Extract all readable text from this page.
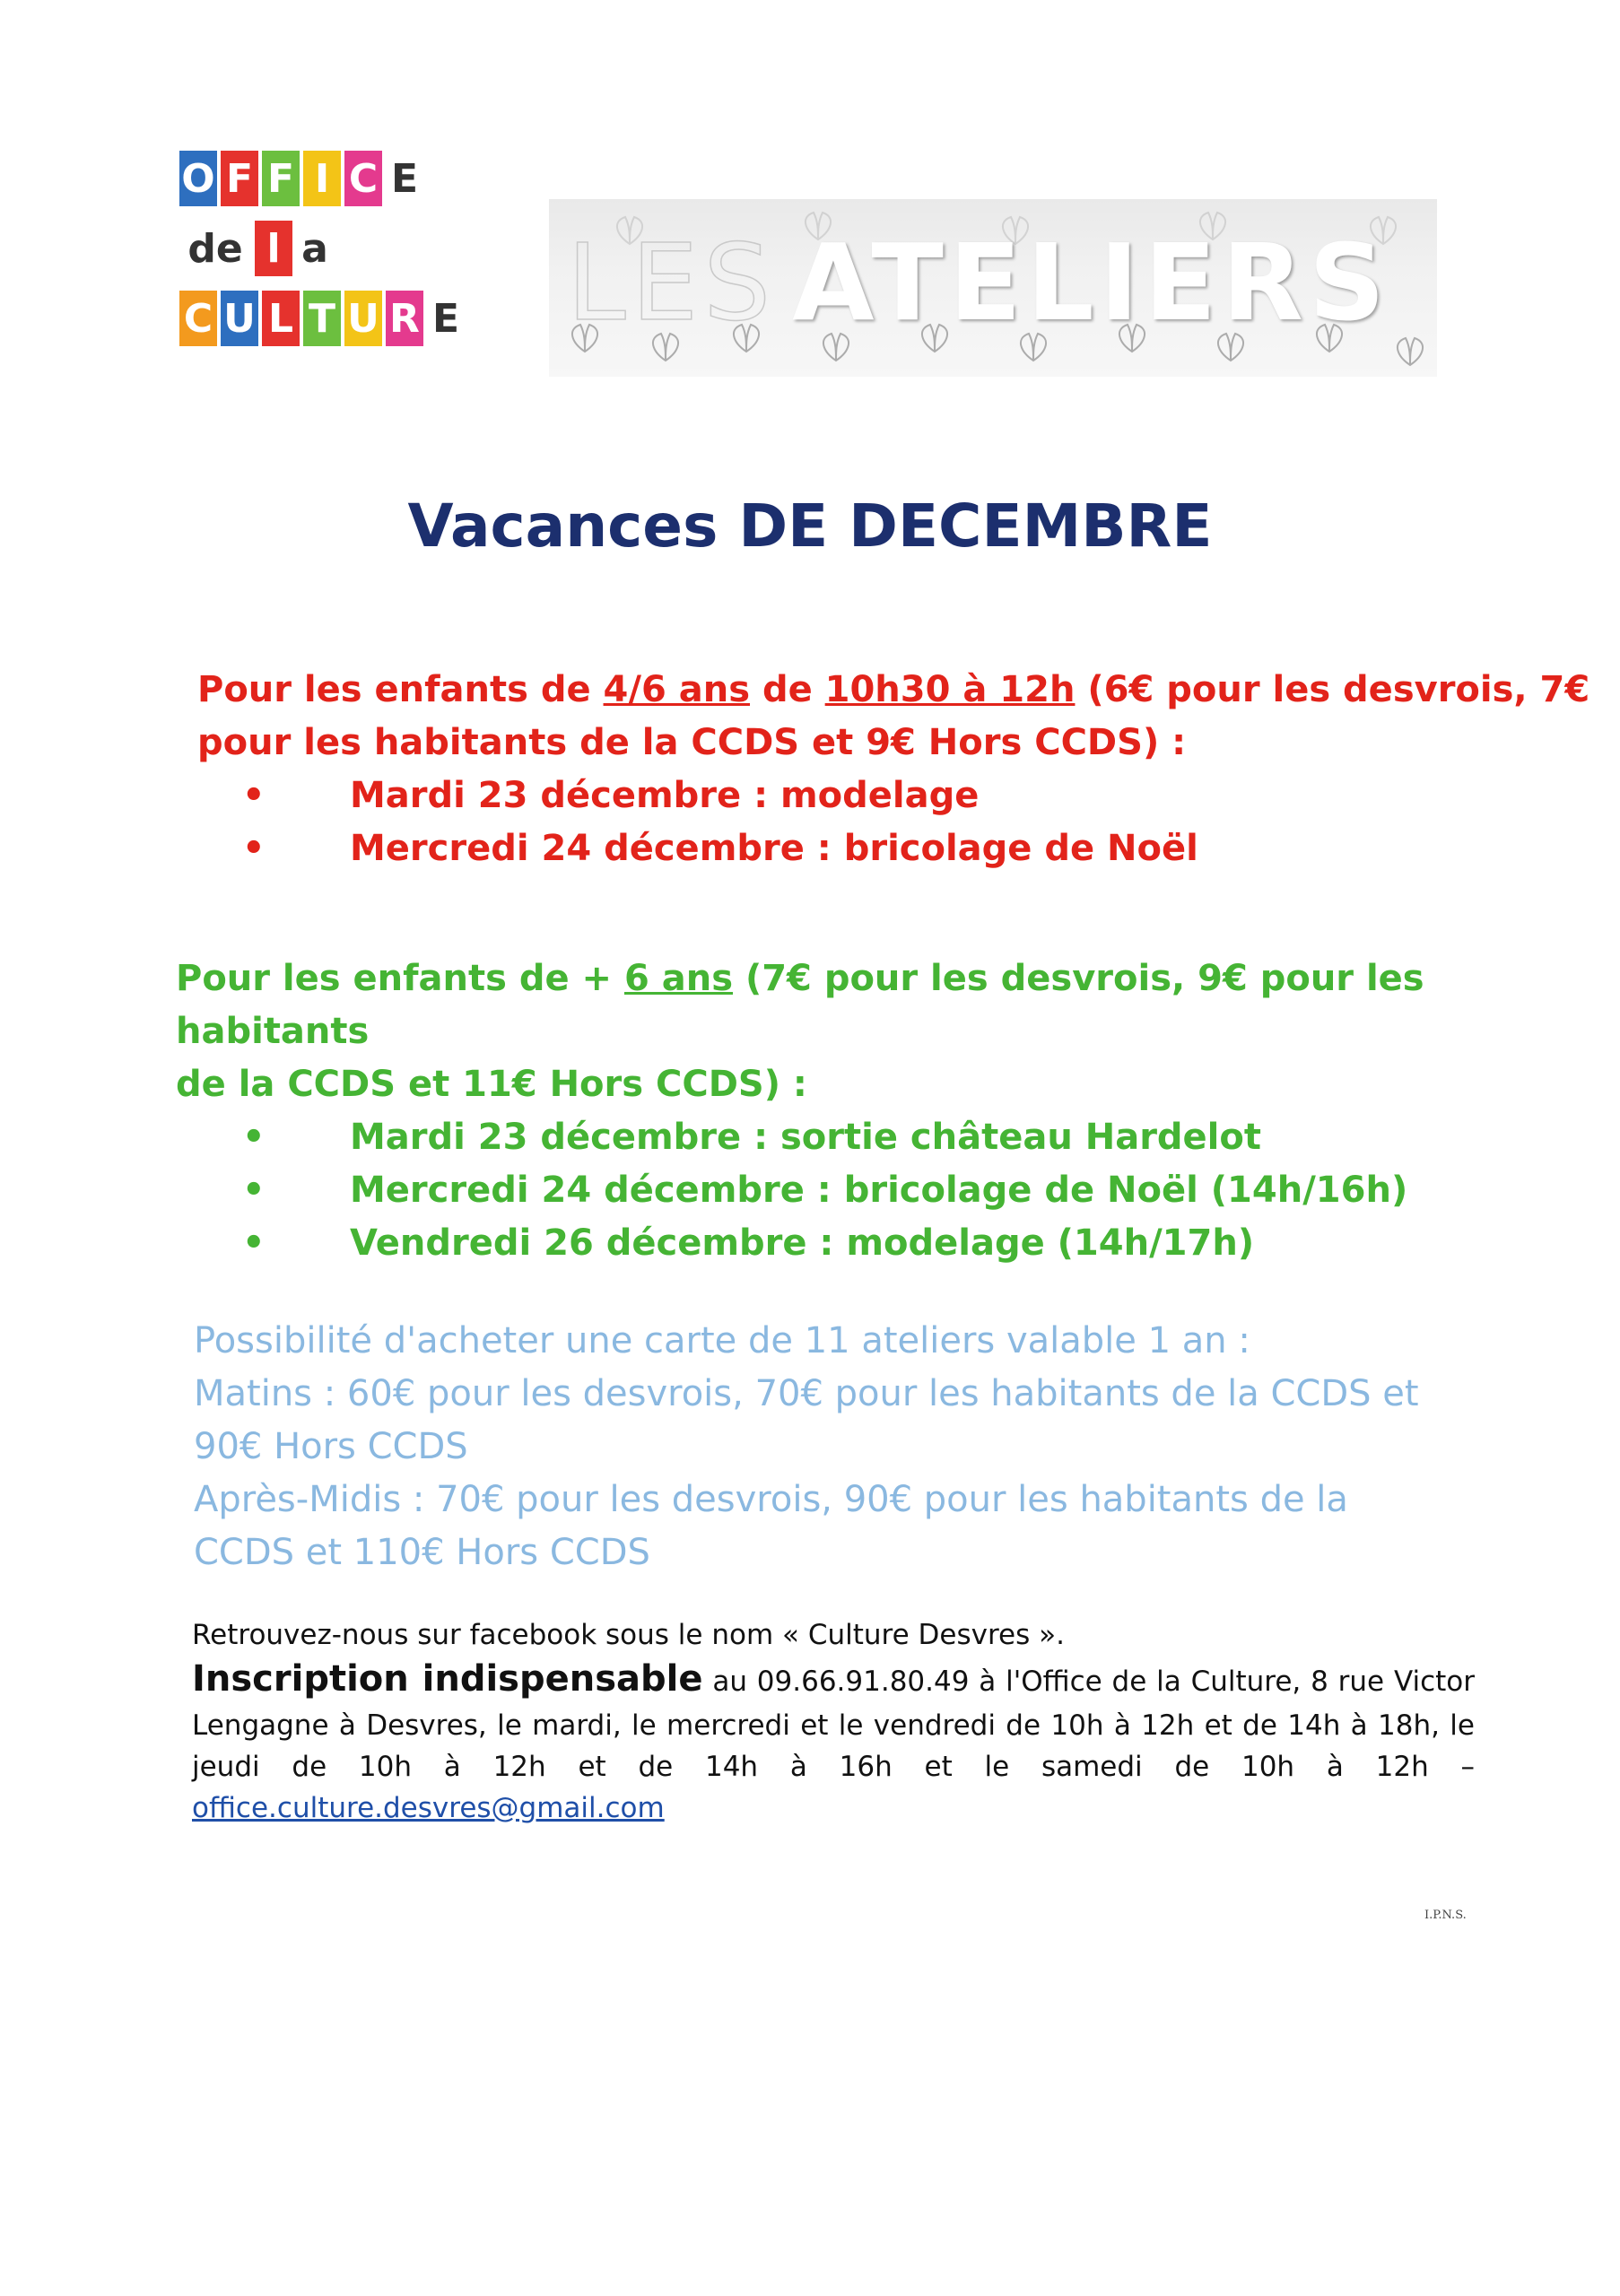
O F F I C E
de l a
C U L T U R E LES ATELIERS
Vacances DE DECEMBRE

Pour les enfants de 4/6 ans de 10h30 à 12h (6€ pour les desvrois, 7€

pour les habitants de la CCDS et 9€ Hors CCDS) :

• Mardi 23 décembre : modelage
• Mercredi 24 décembre : bricolage de Noël

Pour les enfants de + 6 ans (7€ pour les desvrois, 9€ pour les habitants

de la CCDS et 11€ Hors CCDS) :

• Mardi 23 décembre : sortie château Hardelot
• Mercredi 24 décembre : bricolage de Noël (14h/16h)
• Vendredi 26 décembre : modelage (14h/17h)

Possibilité d'acheter une carte de 11 ateliers valable 1 an :

Matins : 60€ pour les desvrois, 70€ pour les habitants de la CCDS et

90€ Hors CCDS

Après-Midis : 70€ pour les desvrois, 90€ pour les habitants de la

CCDS et 110€ Hors CCDS

Retrouvez-nous sur facebook sous le nom « Culture Desvres ».

Inscription indispensable au 09.66.91.80.49 à l'Office de la Culture, 8 rue Victor

Lengagne à Desvres, le mardi, le mercredi et le vendredi de 10h à 12h et de 14h à 18h, le

jeudi de 10h à 12h et de 14h à 16h et le samedi de 10h à 12h –

office.culture.desvres@gmail.com

I.P.N.S.
